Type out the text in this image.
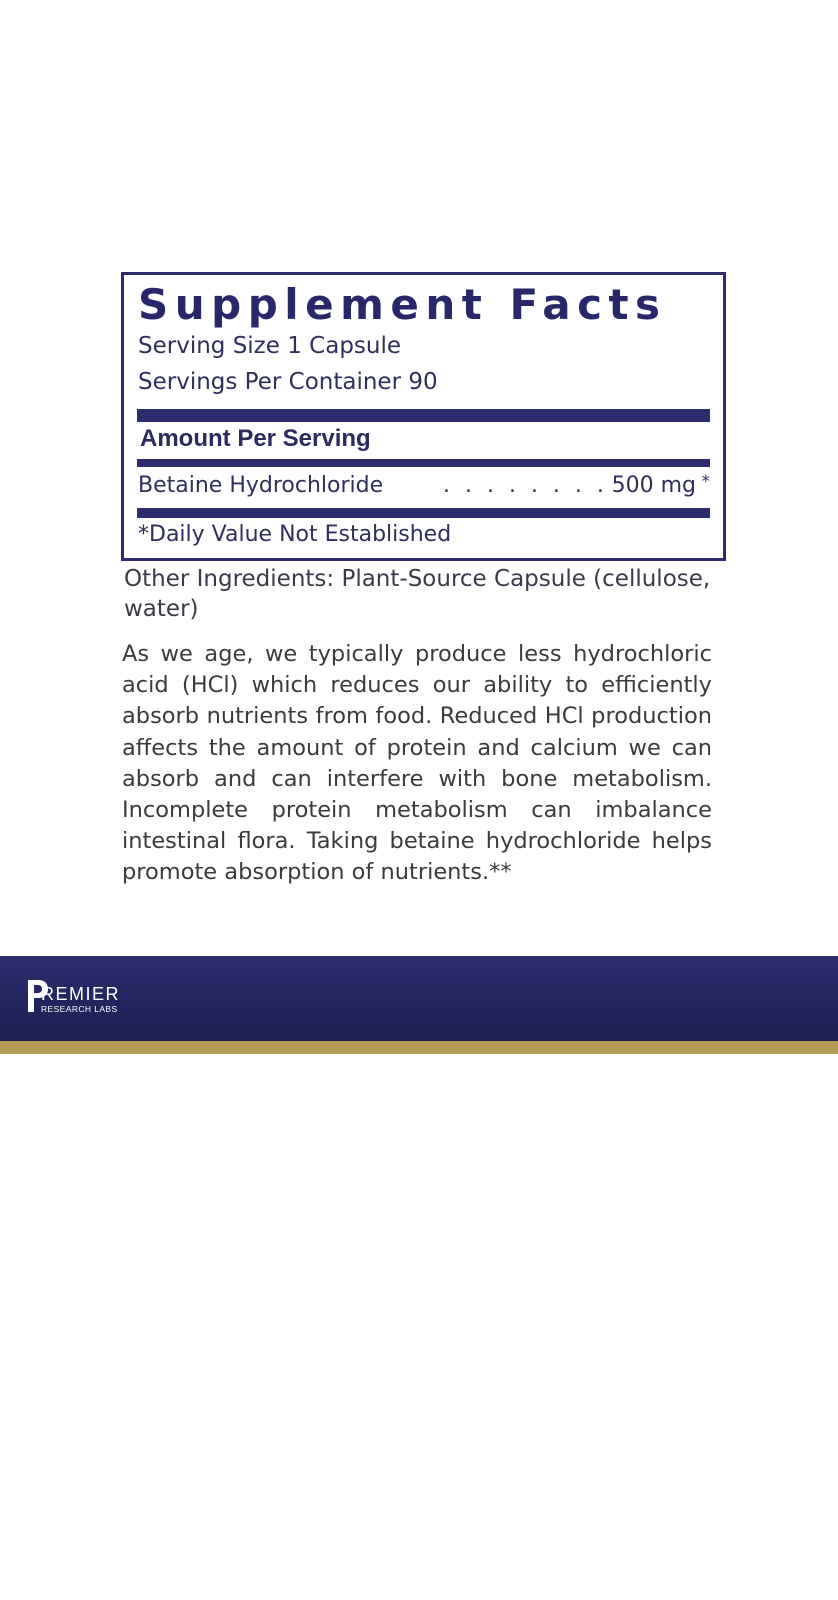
Supplement Facts
Serving Size 1 Capsule
Servings Per Container 90
Amount Per Serving
Betaine Hydrochloride	. . . . . . . . 500 mg *
*Daily Value Not Established
Other Ingredients: Plant-Source Capsule (cellulose, water)
As we age, we typically produce less hydrochloric acid (HCl) which reduces our ability to efficiently absorb nutrients from food. Reduced HCl production affects the amount of protein and calcium we can absorb and can interfere with bone metabolism. Incomplete protein metabolism can imbalance intestinal flora. Taking betaine hydrochloride helps promote absorption of nutrients.**
REMIER
RESEARCH LABS
